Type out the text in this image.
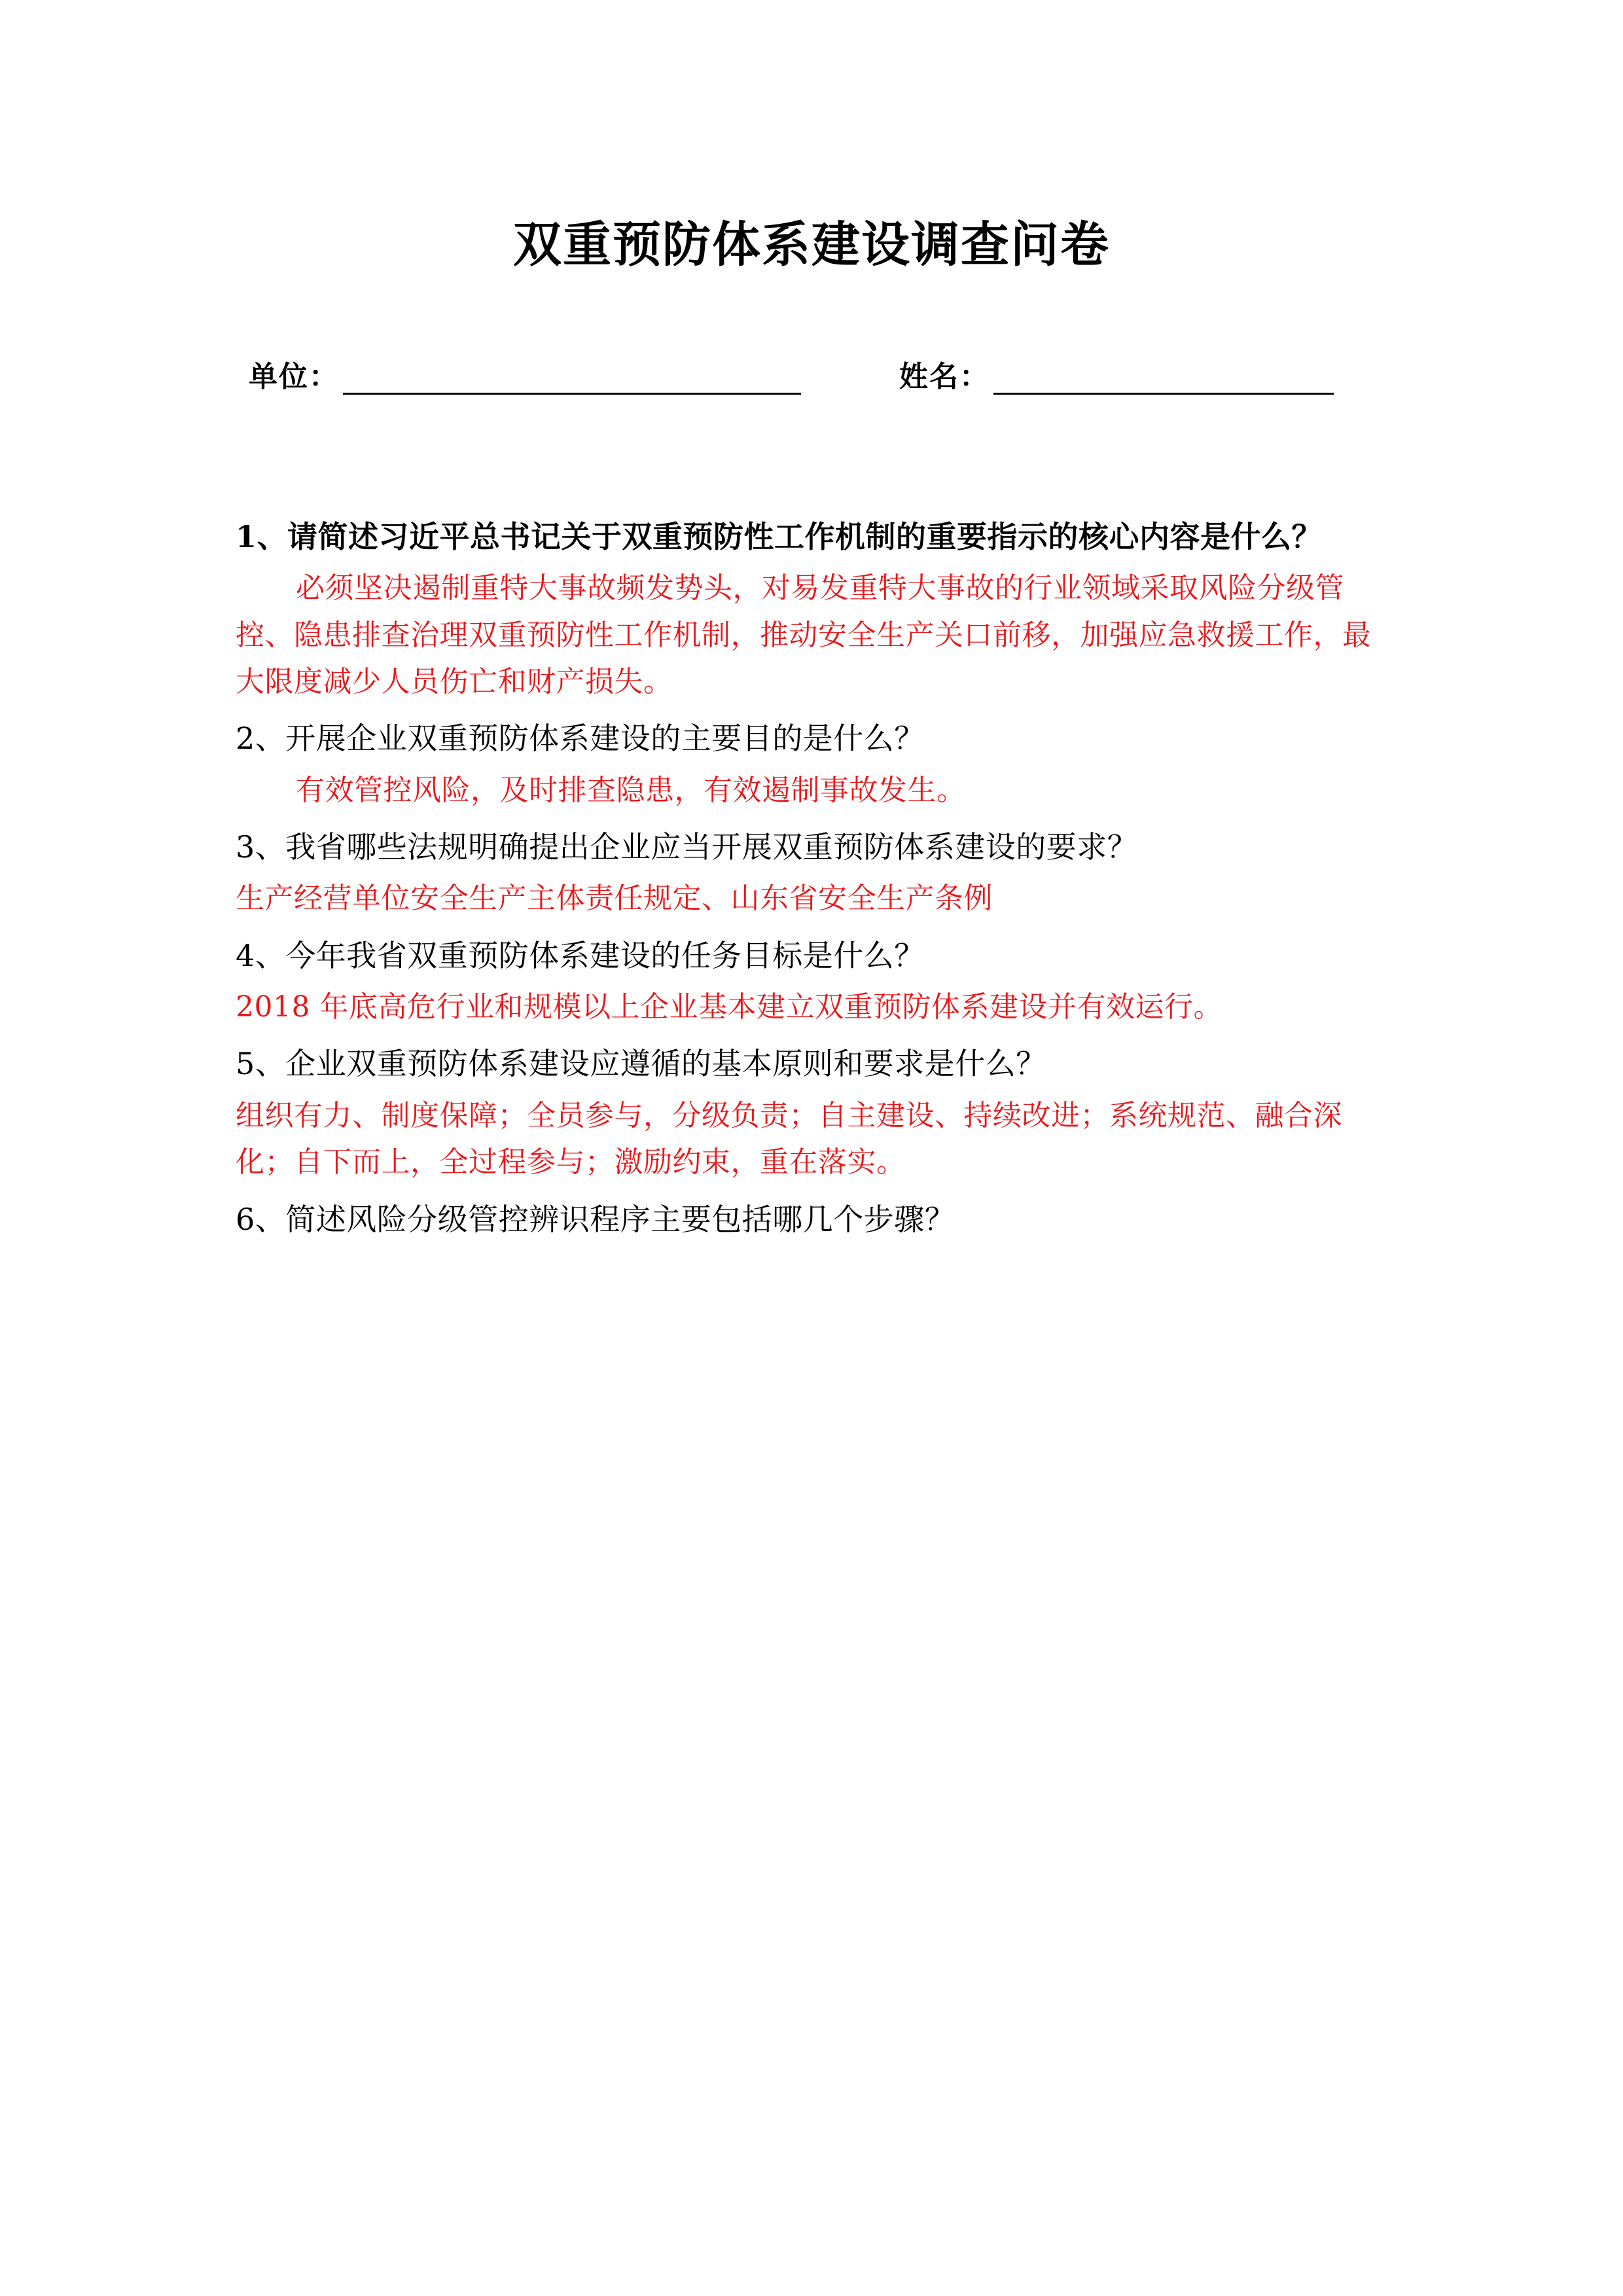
双重预防体系建设调查问卷
单位：	姓名：

1、请简述习近平总书记关于双重预防性工作机制的重要指示的核心内容是什么？

必须坚决遏制重特大事故频发势头，对易发重特大事故的行业领域采取风险分级管控、隐患排查治理双重预防性工作机制，推动安全生产关口前移，加强应急救援工作，最大限度减少人员伤亡和财产损失。

2、开展企业双重预防体系建设的主要目的是什么？

有效管控风险，及时排查隐患，有效遏制事故发生。

3、我省哪些法规明确提出企业应当开展双重预防体系建设的要求？

生产经营单位安全生产主体责任规定、山东省安全生产条例

4、今年我省双重预防体系建设的任务目标是什么？

2018 年底高危行业和规模以上企业基本建立双重预防体系建设并有效运行。

5、企业双重预防体系建设应遵循的基本原则和要求是什么？

组织有力、制度保障；全员参与，分级负责；自主建设、持续改进；系统规范、融合深化；自下而上，全过程参与；激励约束，重在落实。

6、简述风险分级管控辨识程序主要包括哪几个步骤？
